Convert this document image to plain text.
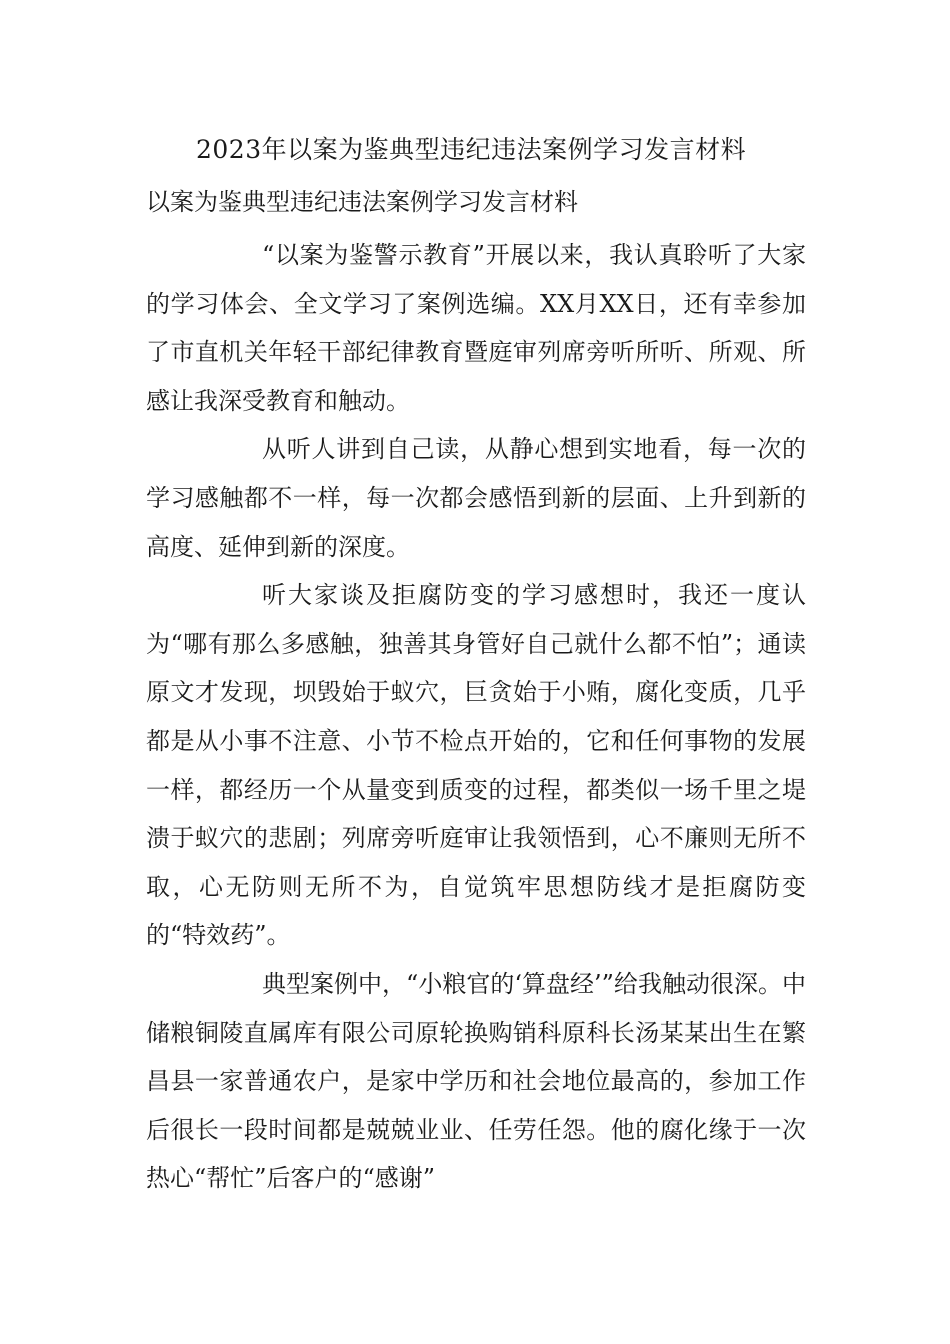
2023年以案为鉴典型违纪违法案例学习发言材料
以案为鉴典型违纪违法案例学习发言材料

“以案为鉴警示教育”开展以来，我认真聆听了大家的学习体会、全文学习了案例选编。XX月XX日，还有幸参加了市直机关年轻干部纪律教育暨庭审列席旁听所听、所观、所感让我深受教育和触动。

从听人讲到自己读，从静心想到实地看，每一次的学习感触都不一样，每一次都会感悟到新的层面、上升到新的高度、延伸到新的深度。

听大家谈及拒腐防变的学习感想时，我还一度认为“哪有那么多感触，独善其身管好自己就什么都不怕”；通读原文才发现，坝毁始于蚁穴，巨贪始于小贿，腐化变质，几乎都是从小事不注意、小节不检点开始的，它和任何事物的发展一样，都经历一个从量变到质变的过程，都类似一场千里之堤溃于蚁穴的悲剧；列席旁听庭审让我领悟到，心不廉则无所不取，心无防则无所不为，自觉筑牢思想防线才是拒腐防变的“特效药”。

典型案例中，“小粮官的‘算盘经’”给我触动很深。中储粮铜陵直属库有限公司原轮换购销科原科长汤某某出生在繁昌县一家普通农户，是家中学历和社会地位最高的，参加工作后很长一段时间都是兢兢业业、任劳任怨。他的腐化缘于一次热心“帮忙”后客户的“感谢”
